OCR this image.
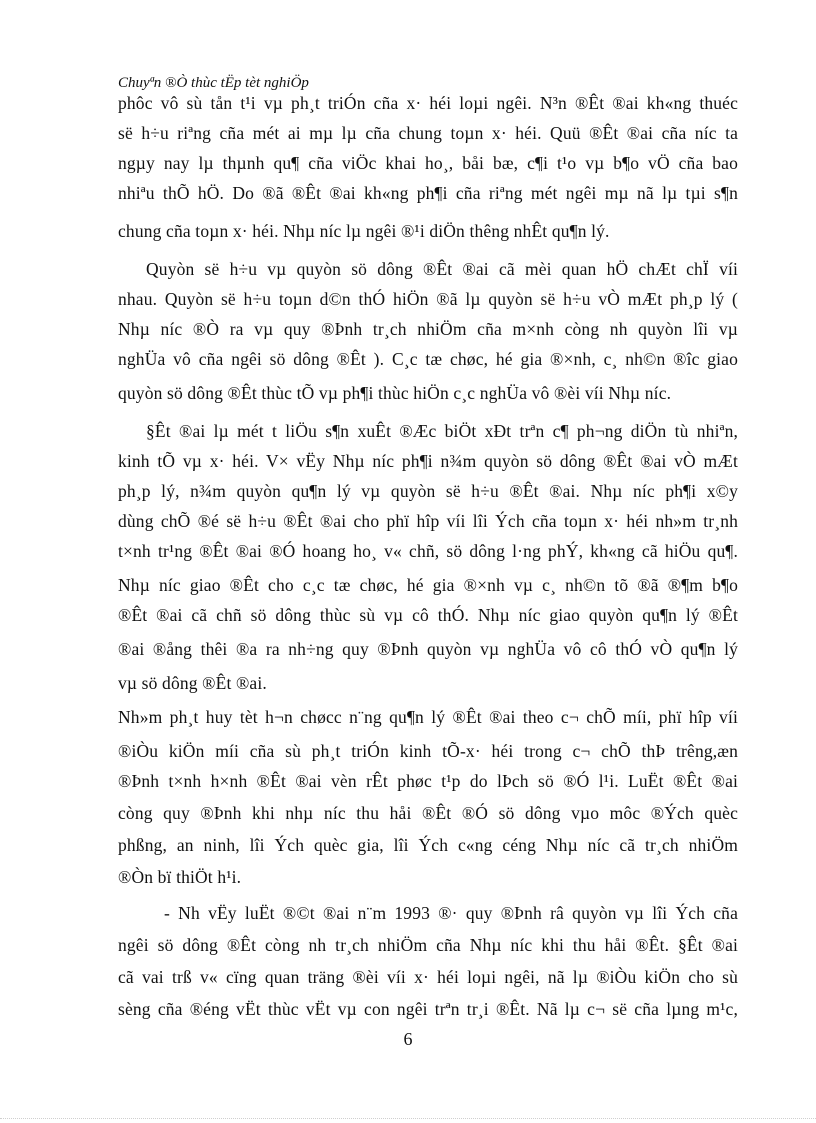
Chuyªn ®Ò thùc tËp tèt nghiÖp
phôc vô sù tån t¹i vµ ph¸t triÓn cña x· héi loµi ngêi. N³n ®Êt ®ai kh«ng thuéc
së h÷u riªng cña mét ai mµ lµ cña chung toµn x· héi. Quü ®Êt ®ai cña níc ta
ngµy nay lµ thµnh qu¶ cña viÖc khai ho¸, båi bæ, c¶i t¹o vµ b¶o vÖ cña bao
nhiªu thÕ hÖ. Do ®ã ®Êt ®ai kh«ng ph¶i cña riªng mét ngêi mµ nã lµ tµi s¶n
chung cña toµn x· héi. Nhµ níc lµ ngêi ®¹i diÖn thêng nhÊt qu¶n lý.
Quyòn së h÷u vµ quyòn sö dông ®Êt ®ai cã mèi quan hÖ chÆt chÏ víi
nhau. Quyòn së h÷u toµn d©n thÓ hiÖn ®ã lµ quyòn së h÷u vÒ mÆt ph¸p lý (
Nhµ níc ®Ò ra vµ quy ®Þnh tr¸ch nhiÖm cña m×nh còng nh quyòn lîi vµ
nghÜa vô cña ngêi sö dông ®Êt ). C¸c tæ chøc, hé gia ®×nh, c¸ nh©n ®îc giao
quyòn sö dông ®Êt thùc tÕ vµ ph¶i thùc hiÖn c¸c nghÜa vô ®èi víi Nhµ níc.
§Êt ®ai lµ mét t liÖu s¶n xuÊt ®Æc biÖt xÐt trªn c¶ ph¬ng diÖn tù nhiªn,
kinh tÕ vµ x· héi. V× vËy Nhµ níc ph¶i n¾m quyòn sö dông ®Êt ®ai vÒ mÆt
ph¸p lý, n¾m quyòn qu¶n lý vµ quyòn së h÷u ®Êt ®ai. Nhµ níc ph¶i x©y
dùng chÕ ®é së h÷u ®Êt ®ai cho phï hîp víi lîi Ých cña toµn x· héi nh»m tr¸nh
t×nh tr¹ng ®Êt ®ai ®Ó hoang ho¸ v« chñ, sö dông l·ng phÝ, kh«ng cã hiÖu qu¶.
Nhµ níc giao ®Êt cho c¸c tæ chøc, hé gia ®×nh vµ c¸ nh©n tõ ®ã ®¶m b¶o
®Êt ®ai cã chñ sö dông thùc sù vµ cô thÓ. Nhµ níc giao quyòn qu¶n lý ®Êt
®ai ®ång thêi ®a ra nh÷ng quy ®Þnh quyòn vµ nghÜa vô cô thÓ vÒ qu¶n lý
vµ sö dông ®Êt ®ai.
Nh»m ph¸t huy tèt h¬n chøcc n¨ng qu¶n lý ®Êt ®ai theo c¬ chÕ míi, phï hîp víi
®iÒu kiÖn míi cña sù ph¸t triÓn kinh tÕ-x· héi trong c¬ chÕ thÞ trêng,æn
®Þnh t×nh h×nh ®Êt ®ai vèn rÊt phøc t¹p do lÞch sö ®Ó l¹i. LuËt ®Êt ®ai
còng quy ®Þnh khi nhµ níc thu håi ®Êt ®Ó sö dông vµo môc ®Ých quèc
phßng, an ninh, lîi Ých quèc gia, lîi Ých c«ng céng Nhµ níc cã tr¸ch nhiÖm
®Òn bï thiÖt h¹i.
- Nh vËy luËt ®©t ®ai n¨m 1993 ®· quy ®Þnh râ quyòn vµ lîi Ých cña
ngêi sö dông ®Êt còng nh tr¸ch nhiÖm cña Nhµ níc khi thu håi ®Êt. §Êt ®ai
cã vai trß v« cïng quan träng ®èi víi x· héi loµi ngêi, nã lµ ®iÒu kiÖn cho sù
sèng cña ®éng vËt thùc vËt vµ con ngêi trªn tr¸i ®Êt. Nã lµ c¬ së cña lµng m¹c,
6
